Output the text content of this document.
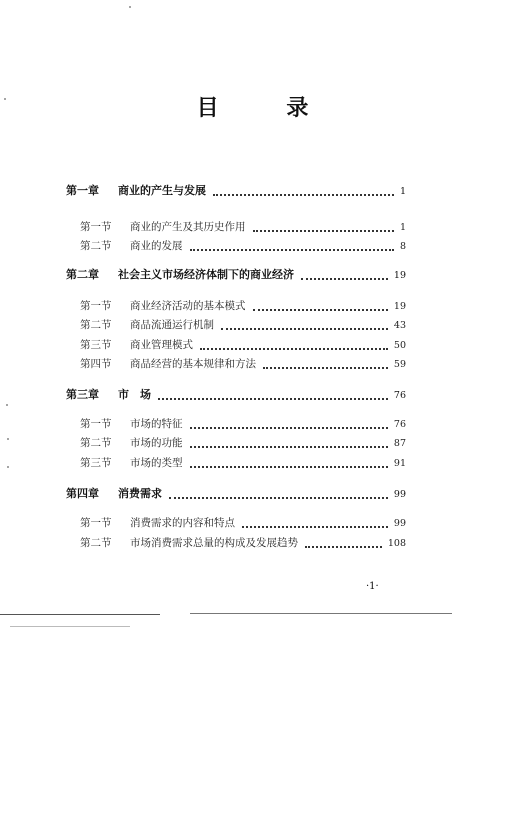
目 录
第一章	商业的产生与发展	1
第一节	商业的产生及其历史作用	1
第二节	商业的发展	8
第二章	社会主义市场经济体制下的商业经济	19
第一节	商业经济活动的基本模式	19
第二节	商品流通运行机制	43
第三节	商业管理模式	50
第四节	商品经营的基本规律和方法	59
第三章	市　场	76
第一节	市场的特征	76
第二节	市场的功能	87
第三节	市场的类型	91
第四章	消费需求	99
第一节	消费需求的内容和特点	99
第二节	市场消费需求总量的构成及发展趋势	108
·1·
